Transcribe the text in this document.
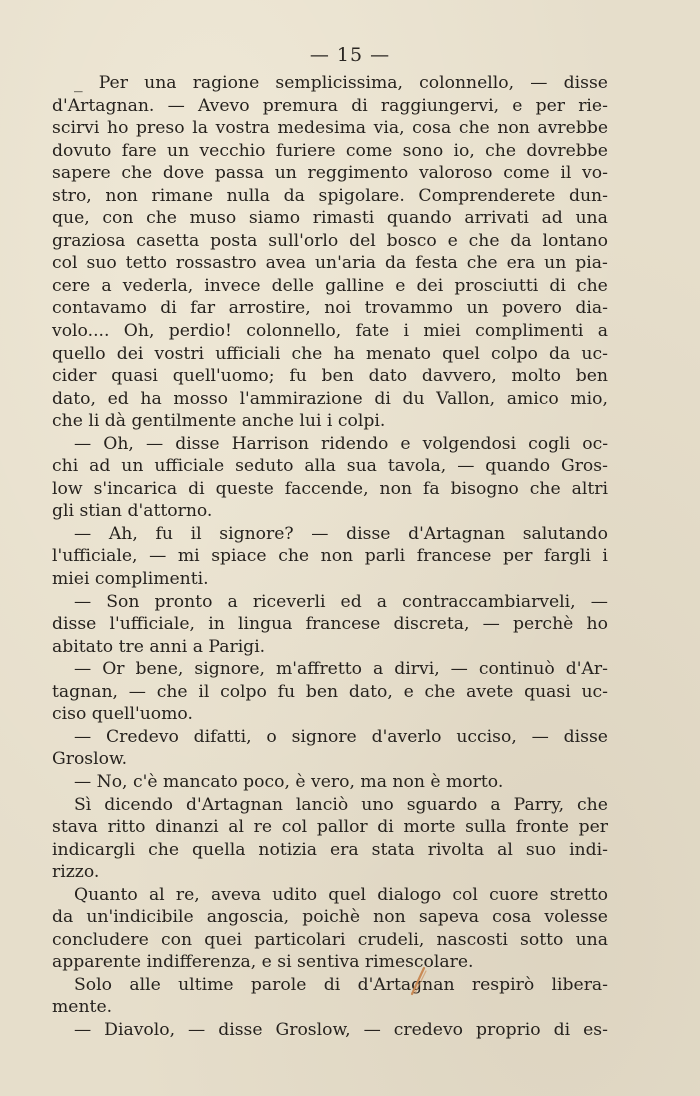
— 15 —
_ Per una ragione semplicissima, colonnello, — disse
d'Artagnan. — Avevo premura di raggiungervi, e per rie-
scirvi ho preso la vostra medesima via, cosa che non avrebbe
dovuto fare un vecchio furiere come sono io, che dovrebbe
sapere che dove passa un reggimento valoroso come il vo-
stro, non rimane nulla da spigolare. Comprenderete dun-
que, con che muso siamo rimasti quando arrivati ad una
graziosa casetta posta sull'orlo del bosco e che da lontano
col suo tetto rossastro avea un'aria da festa che era un pia-
cere a vederla, invece delle galline e dei prosciutti di che
contavamo di far arrostire, noi trovammo un povero dia-
volo.... Oh, perdio! colonnello, fate i miei complimenti a
quello dei vostri ufficiali che ha menato quel colpo da uc-
cider quasi quell'uomo; fu ben dato davvero, molto ben
dato, ed ha mosso l'ammirazione di du Vallon, amico mio,
che li dà gentilmente anche lui i colpi.
— Oh, — disse Harrison ridendo e volgendosi cogli oc-
chi ad un ufficiale seduto alla sua tavola, — quando Gros-
low s'incarica di queste faccende, non fa bisogno che altri
gli stian d'attorno.
— Ah, fu il signore? — disse d'Artagnan salutando
l'ufficiale, — mi spiace che non parli francese per fargli i
miei complimenti.
— Son pronto a riceverli ed a contraccambiarveli, —
disse l'ufficiale, in lingua francese discreta, — perchè ho
abitato tre anni a Parigi.
— Or bene, signore, m'affretto a dirvi, — continuò d'Ar-
tagnan, — che il colpo fu ben dato, e che avete quasi uc-
ciso quell'uomo.
— Credevo difatti, o signore d'averlo ucciso, — disse
Groslow.
— No, c'è mancato poco, è vero, ma non è morto.
Sì dicendo d'Artagnan lanciò uno sguardo a Parry, che
stava ritto dinanzi al re col pallor di morte sulla fronte per
indicargli che quella notizia era stata rivolta al suo indi-
rizzo.
Quanto al re, aveva udito quel dialogo col cuore stretto
da un'indicibile angoscia, poichè non sapeva cosa volesse
concludere con quei particolari crudeli, nascosti sotto una
apparente indifferenza, e si sentiva rimescolare.
Solo alle ultime parole di d'Artagnan respirò libera-
mente.
— Diavolo, — disse Groslow, — credevo proprio di es-
